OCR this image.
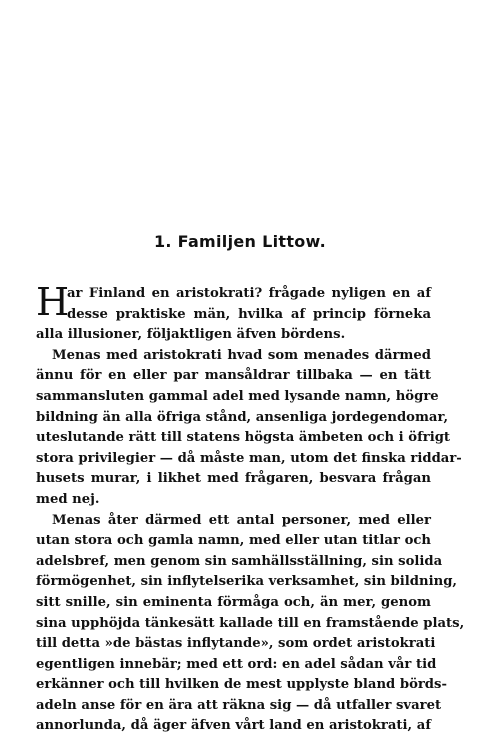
1. Familjen Littow.
H
ar Finland en aristokrati? frågade nyligen en af
desse praktiske män, hvilka af princip förneka
alla illusioner, följaktligen äfven bördens.
Menas med aristokrati hvad som menades därmed
ännu för en eller par mansåldrar tillbaka — en tätt
sammansluten gammal adel med lysande namn, högre
bildning än alla öfriga stånd, ansenliga jordegendomar,
uteslutande rätt till statens högsta ämbeten och i öfrigt
stora privilegier — då måste man, utom det finska riddar-
husets murar, i likhet med frågaren, besvara frågan
med nej.
Menas åter därmed ett antal personer, med eller
utan stora och gamla namn, med eller utan titlar och
adelsbref, men genom sin samhällsställning, sin solida
förmögenhet, sin inflytelserika verksamhet, sin bildning,
sitt snille, sin eminenta förmåga och, än mer, genom
sina upphöjda tänkesätt kallade till en framstående plats,
till detta »de bästas inflytande», som ordet aristokrati
egentligen innebär; med ett ord: en adel sådan vår tid
erkänner och till hvilken de mest upplyste bland börds-
adeln anse för en ära att räkna sig — då utfaller svaret
annorlunda, då äger äfven vårt land en aristokrati, af
